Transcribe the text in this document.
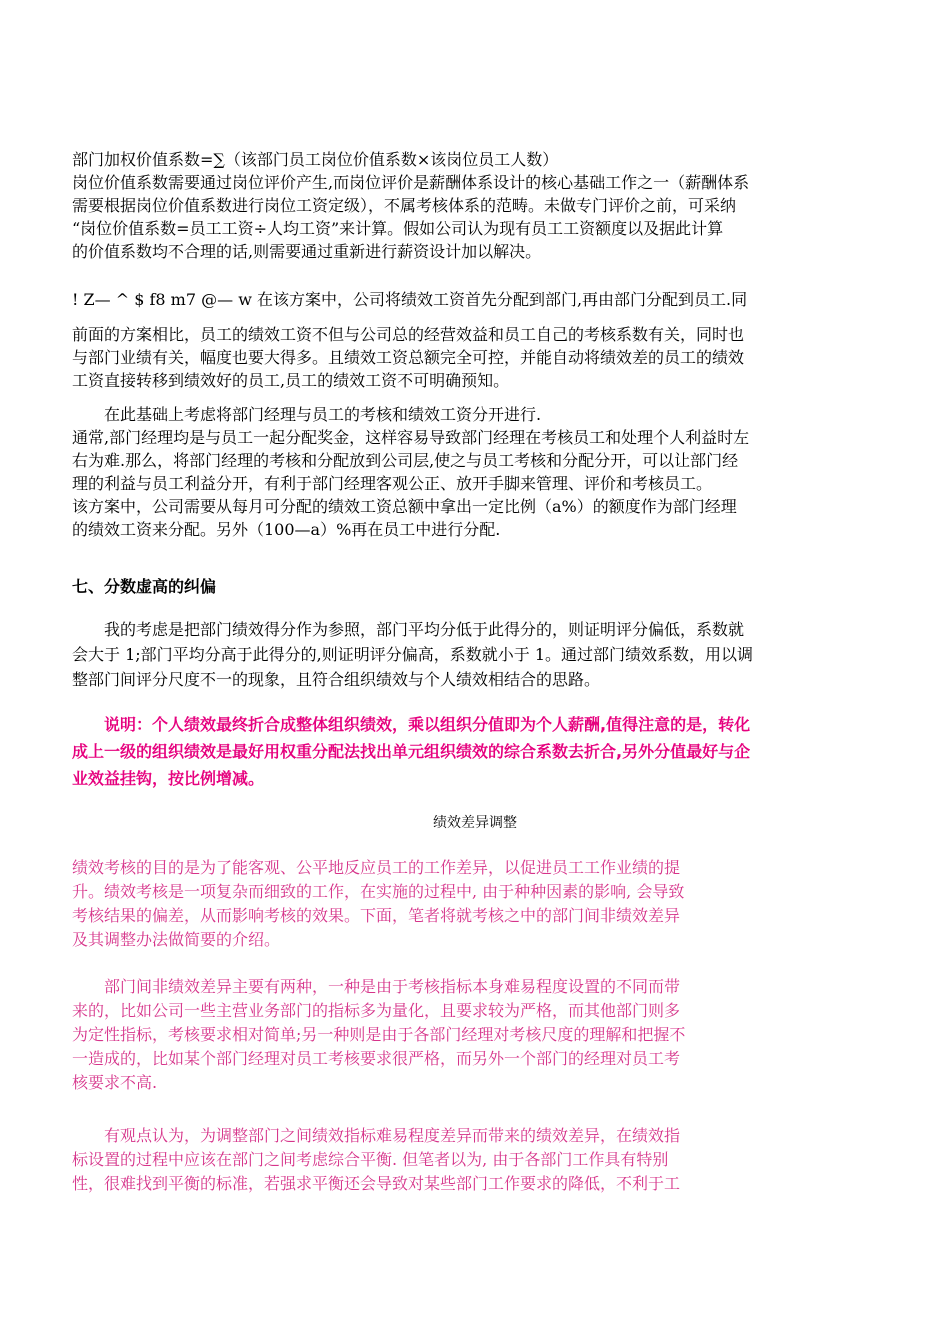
部门加权价值系数=∑（该部门员工岗位价值系数×该岗位员工人数）
岗位价值系数需要通过岗位评价产生,而岗位评价是薪酬体系设计的核心基础工作之一（薪酬体系
需要根据岗位价值系数进行岗位工资定级），不属考核体系的范畴。未做专门评价之前，可采纳
“岗位价值系数=员工工资÷人均工资”来计算。假如公司认为现有员工工资额度以及据此计算
的价值系数均不合理的话,则需要通过重新进行薪资设计加以解决。
! Z— ^ $ f8 m7 @— w 在该方案中，公司将绩效工资首先分配到部门,再由部门分配到员工.同
前面的方案相比，员工的绩效工资不但与公司总的经营效益和员工自己的考核系数有关，同时也
与部门业绩有关，幅度也要大得多。且绩效工资总额完全可控，并能自动将绩效差的员工的绩效
工资直接转移到绩效好的员工,员工的绩效工资不可明确预知。
在此基础上考虑将部门经理与员工的考核和绩效工资分开进行.
通常,部门经理均是与员工一起分配奖金，这样容易导致部门经理在考核员工和处理个人利益时左
右为难.那么，将部门经理的考核和分配放到公司层,使之与员工考核和分配分开，可以让部门经
理的利益与员工利益分开，有利于部门经理客观公正、放开手脚来管理、评价和考核员工。
该方案中，公司需要从每月可分配的绩效工资总额中拿出一定比例（a%）的额度作为部门经理
的绩效工资来分配。另外（100—a）%再在员工中进行分配.
七、分数虚高的纠偏
我的考虑是把部门绩效得分作为参照，部门平均分低于此得分的，则证明评分偏低，系数就
会大于 1;部门平均分高于此得分的,则证明评分偏高，系数就小于 1。通过部门绩效系数，用以调
整部门间评分尺度不一的现象，且符合组织绩效与个人绩效相结合的思路。
说明：个人绩效最终折合成整体组织绩效，乘以组织分值即为个人薪酬,值得注意的是，转化
成上一级的组织绩效是最好用权重分配法找出单元组织绩效的综合系数去折合,另外分值最好与企
业效益挂钩，按比例增减。
绩效差异调整
绩效考核的目的是为了能客观、公平地反应员工的工作差异，以促进员工工作业绩的提
升。绩效考核是一项复杂而细致的工作，在实施的过程中, 由于种种因素的影响, 会导致
考核结果的偏差，从而影响考核的效果。下面，笔者将就考核之中的部门间非绩效差异
及其调整办法做简要的介绍。
部门间非绩效差异主要有两种，一种是由于考核指标本身难易程度设置的不同而带
来的，比如公司一些主营业务部门的指标多为量化，且要求较为严格，而其他部门则多
为定性指标，考核要求相对简单;另一种则是由于各部门经理对考核尺度的理解和把握不
一造成的，比如某个部门经理对员工考核要求很严格，而另外一个部门的经理对员工考
核要求不高.
有观点认为，为调整部门之间绩效指标难易程度差异而带来的绩效差异，在绩效指
标设置的过程中应该在部门之间考虑综合平衡. 但笔者以为, 由于各部门工作具有特别
性，很难找到平衡的标准，若强求平衡还会导致对某些部门工作要求的降低，不利于工
